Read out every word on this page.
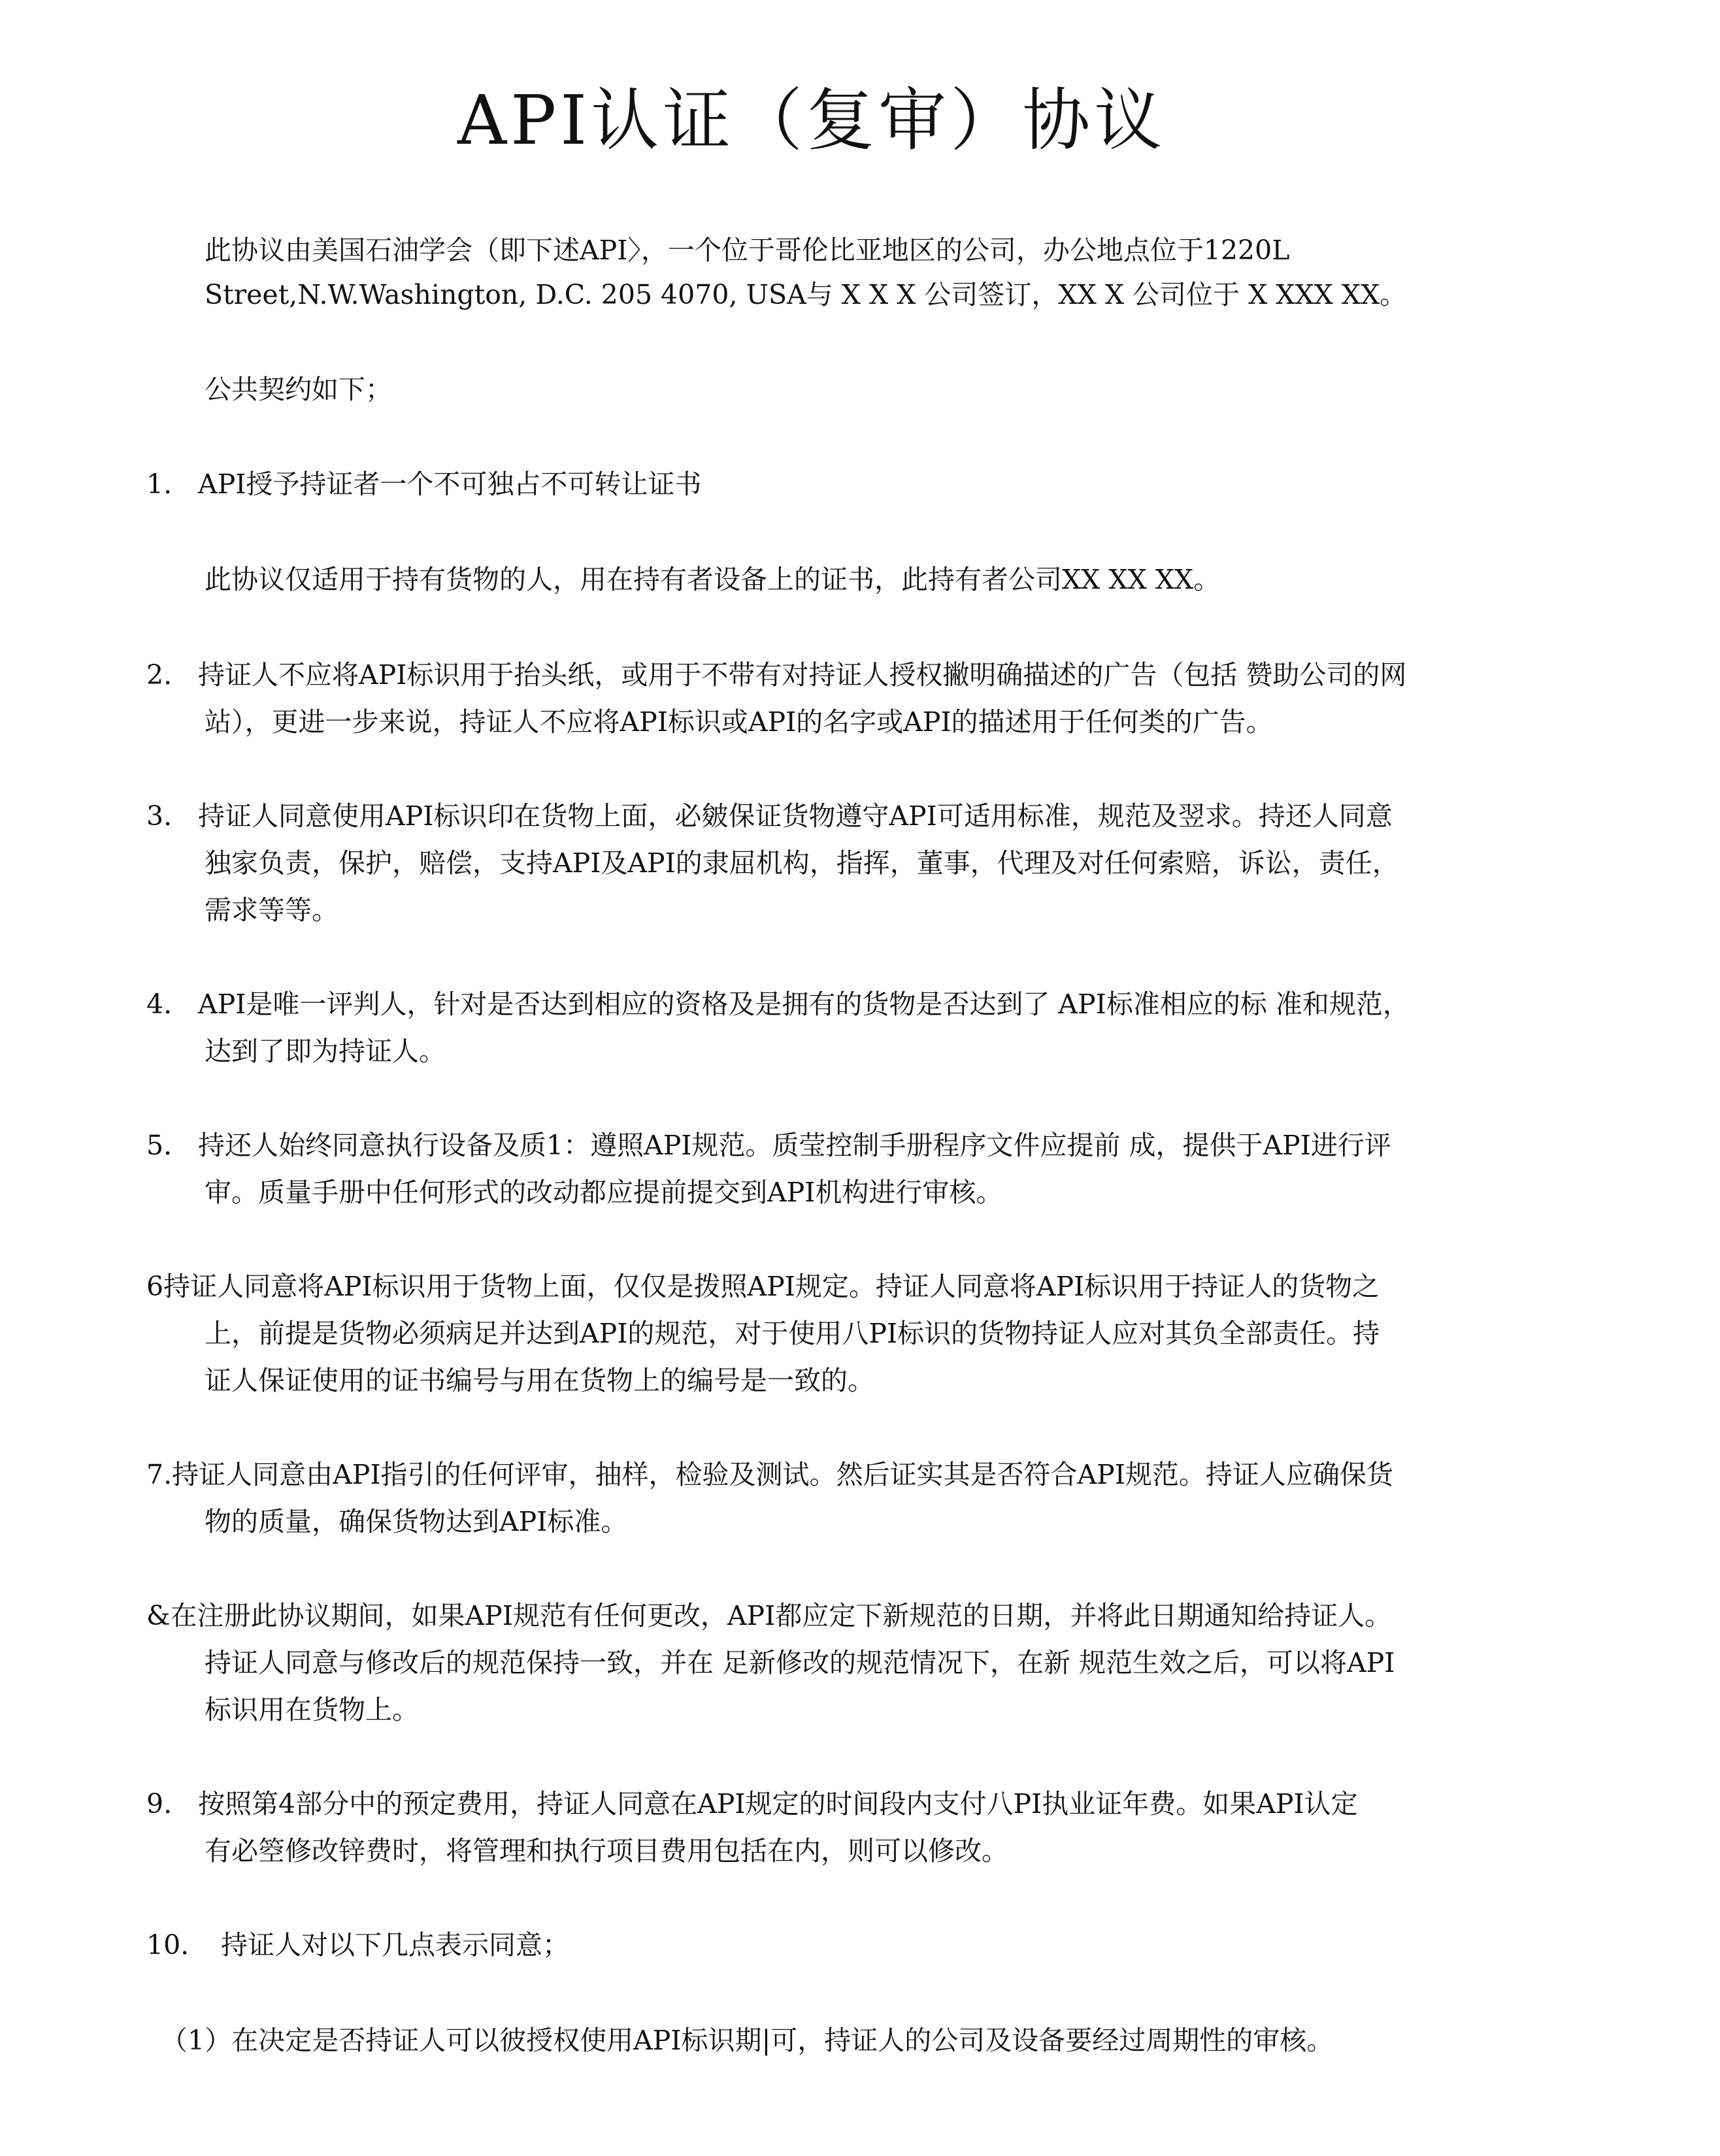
API认证（复审）协议
此协议由美国石油学会（即下述API〉，一个位于哥伦比亚地区的公司，办公地点位于1220L
Street,N.W.Washington, D.C. 205 4070, USA与 X X X 公司签订，XX X 公司位于 X XXX XX。
公共契约如下；
1. API授予持证者一个不可独占不可转让证书
此协议仅适用于持有货物的人，用在持有者设备上的证书，此持有者公司XX XX XX。
2. 持证人不应将API标识用于抬头纸，或用于不带有对持证人授权撇明确描述的广告（包括 赞助公司的网
站），更进一步来说，持证人不应将API标识或API的名字或API的描述用于任何类的广告。
3. 持证人同意使用API标识印在货物上面，必皴保证货物遵守API可适用标准，规范及翌求。持还人同意
独家负责，保护，赔偿，支持API及API的隶屈机构，指挥，董事，代理及对任何索赔，诉讼，责任，
需求等等。
4. API是唯一评判人，针对是否达到相应的资格及是拥有的货物是否达到了 API标准相应的标 准和规范，
达到了即为持证人。
5. 持还人始终同意执行设备及质1：遵照API规范。质莹控制手册程序文件应提前 成，提供于API进行评
审。质量手册中任何形式的改动都应提前提交到API机构进行审核。
6持证人同意将API标识用于货物上面，仅仅是拨照API规定。持证人同意将API标识用于持证人的货物之
上，前提是货物必须病足并达到API的规范，对于使用八PI标识的货物持证人应对其负全部责任。持
证人保证使用的证书编号与用在货物上的编号是一致的。
7.持证人同意由API指引的任何评审，抽样，检验及测试。然后证实其是否符合API规范。持证人应确保货
物的质量，确保货物达到API标准。
&在注册此协议期间，如果API规范有任何更改，API都应定下新规范的日期，并将此日期通知给持证人。
持证人同意与修改后的规范保持一致，并在 足新修改的规范情况下，在新 规范生效之后，可以将API
标识用在货物上。
9. 按照第4部分中的预定费用，持证人同意在API规定的时间段内支付八PI执业证年费。如果API认定
有必箜修改锌费时，将管理和执行项目费用包括在内，则可以修改。
10. 持证人对以下几点表示同意；
（1）在决定是否持证人可以彼授权使用API标识期|可，持证人的公司及设备要经过周期性的审核。
